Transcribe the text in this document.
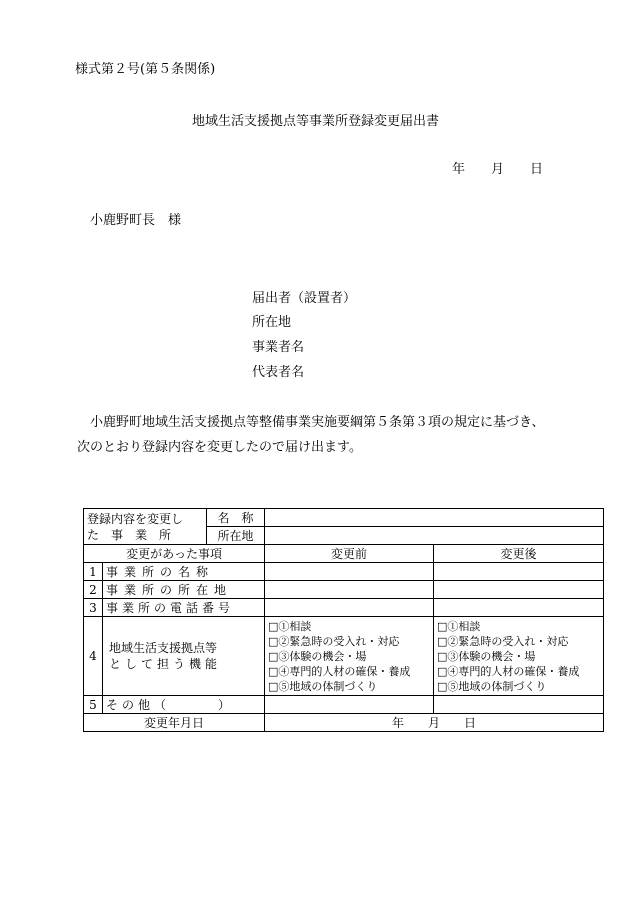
様式第２号(第５条関係)
地域生活支援拠点等事業所登録変更届出書
年　　月　　日
小鹿野町長　様
届出者（設置者）
所在地
事業者名
代表者名
小鹿野町地域生活支援拠点等整備事業実施要綱第５条第３項の規定に基づき、
次のとおり登録内容を変更したので届け出ます。
登録内容を変更し
た　事　業　所		名　称		
		所在地		
変更があった事項			変更前	変更後
1	事業所の名称			
2	事業所の所在地			
3	事業所の電話番号			
4	地域生活支援拠点等
として担う機能		□①相談
□②緊急時の受入れ・対応
□③体験の機会・場
□④専門的人材の確保・養成
□⑤地域の体制づくり	□①相談
□②緊急時の受入れ・対応
□③体験の機会・場
□④専門的人材の確保・養成
□⑤地域の体制づくり

5	その他（　　　）			
変更年月日			年　　月　　日	
